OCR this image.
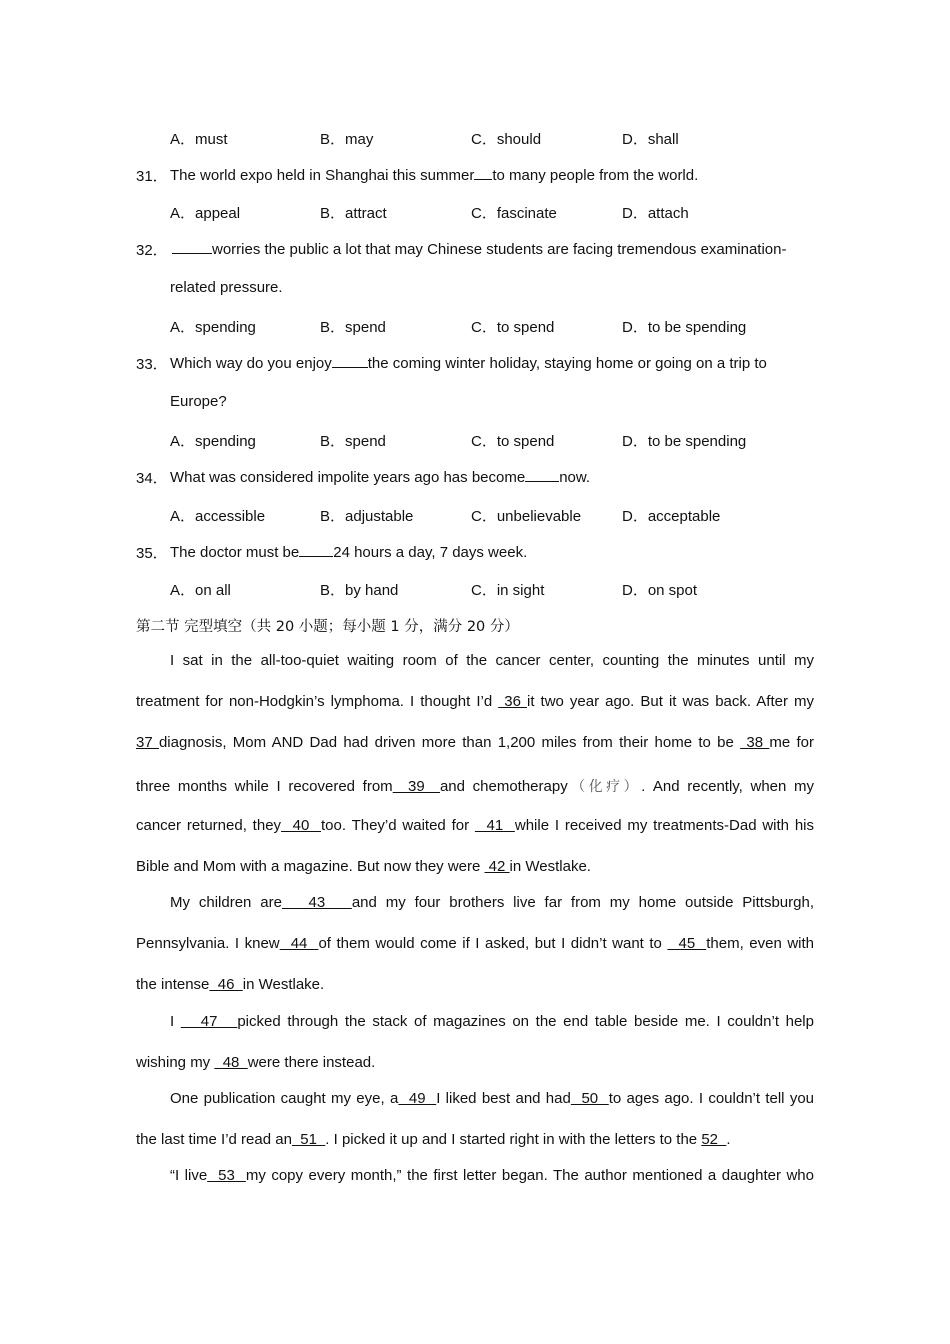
A．must	B．may	C．should	D．shall
31． The world expo held in Shanghai this summer to many people from the world.
A．appeal	B．attract	C．fascinate	D．attach
32．	worries the public a lot that may Chinese students are facing tremendous examination-
related pressure.
A．spending	B．spend	C．to spend	D．to be spending
33． Which way do you enjoy the coming winter holiday, staying home or going on a trip to
Europe?
A．spending	B．spend	C．to spend	D．to be spending
34． What was considered impolite years ago has become now.
A．accessible	B．adjustable	C．unbelievable	D．acceptable
35． The doctor must be 24 hours a day, 7 days week.
A．on all	B．by hand	C．in sight	D．on spot
第二节 完型填空（共 20 小题；每小题 1 分，满分 20 分）
I sat in the all-too-quiet waiting room of the cancer center, counting the minutes until my
treatment for non-Hodgkin’s lymphoma. I thought I’d  36 it two year ago. But it was back. After my
37 diagnosis, Mom AND Dad had driven more than 1,200 miles from their home to be  38 me for
three months while I recovered from  39  and chemotherapy（化疗）. And recently, when my
cancer returned, they  40  too. They’d waited for   41  while I received my treatments-Dad with his
Bible and Mom with a magazine. But now they were  42 in Westlake.
My children are   43   and my four brothers live far from my home outside Pittsburgh,
Pennsylvania. I knew  44  of them would come if I asked, but I didn’t want to   45  them, even with
the intense  46  in Westlake.
I    47   picked through the stack of magazines on the end table beside me. I couldn’t help
wishing my   48  were there instead.
One publication caught my eye, a  49  I liked best and had  50  to ages ago. I couldn’t tell you
the last time I’d read an  51  . I picked it up and I started right in with the letters to the 52  .
“I live  53  my copy every month,” the first letter began. The author mentioned a daughter who
